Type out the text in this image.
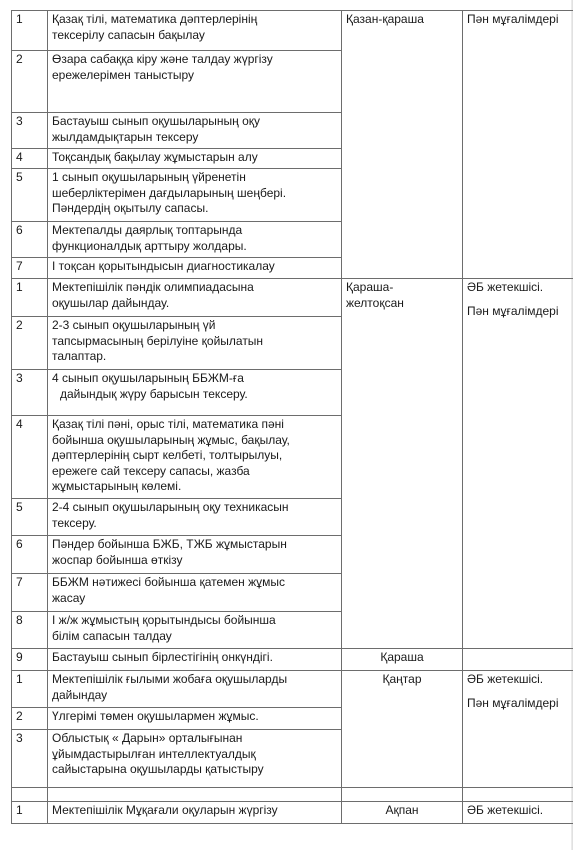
1	Қазақ тілі, математика дәптерлерінің
тексерілу сапасын бақылау	Қазан-қараша	Пән мұғалімдері

2	Өзара сабаққа кіру және талдау жүргізу
ережелерімен таныстыру		

3	Бастауыш сынып оқушыларының оқу
жылдамдықтарын тексеру		

4	Тоқсандық бақылау жұмыстарын алу		

5	1 сынып оқушыларының үйренетін
шеберліктерімен дағдыларының шеңбері.
Пәндердің оқытылу сапасы.		

6	Мектепалды даярлық топтарында
функционалдық арттыру жолдары.		

7	І тоқсан қорытындысын диагностикалау		

1	Мектепішілік пәндік олимпиадасына
оқушылар дайындау.	Қараша-
желтоқсан	ӘБ жетекшісі.
Пән мұғалімдері

2	2-3 сынып оқушыларының үй
тапсырмасының берілуіне қойылатын
талаптар.		

3	4 сынып оқушыларының ББЖМ-ға
дайындық жүру барысын тексеру.		

4	Қазақ тілі пәні, орыс тілі, математика пәні
бойынша оқушыларының жұмыс, бақылау,
дәптерлерінің сырт келбеті, толтырылуы,
ережеге сай тексеру сапасы, жазба
жұмыстарының көлемі.		

5	2-4 сынып оқушыларының оқу техникасын
тексеру.		

6	Пәндер бойынша БЖБ, ТЖБ жұмыстарын
жоспар бойынша өткізу		

7	ББЖМ нәтижесі бойынша қатемен жұмыс
жасау		

8	І ж/ж жұмыстың қорытындысы бойынша
білім сапасын талдау		

9	Бастауыш сынып бірлестігінің онкүндігі.	Қараша	

1	Мектепішілік ғылыми жобаға оқушыларды
дайындау	Қаңтар	ӘБ жетекшісі.
Пән мұғалімдері

2	Үлгерімі төмен оқушылармен жұмыс.		

3	Облыстық « Дарын» орталығынан
ұйымдастырылған интеллектуалдық
сайыстарына оқушыларды қатыстыру		

1	Мектепішілік Мұқағали оқуларын жүргізу	Ақпан	ӘБ жетекшісі.
